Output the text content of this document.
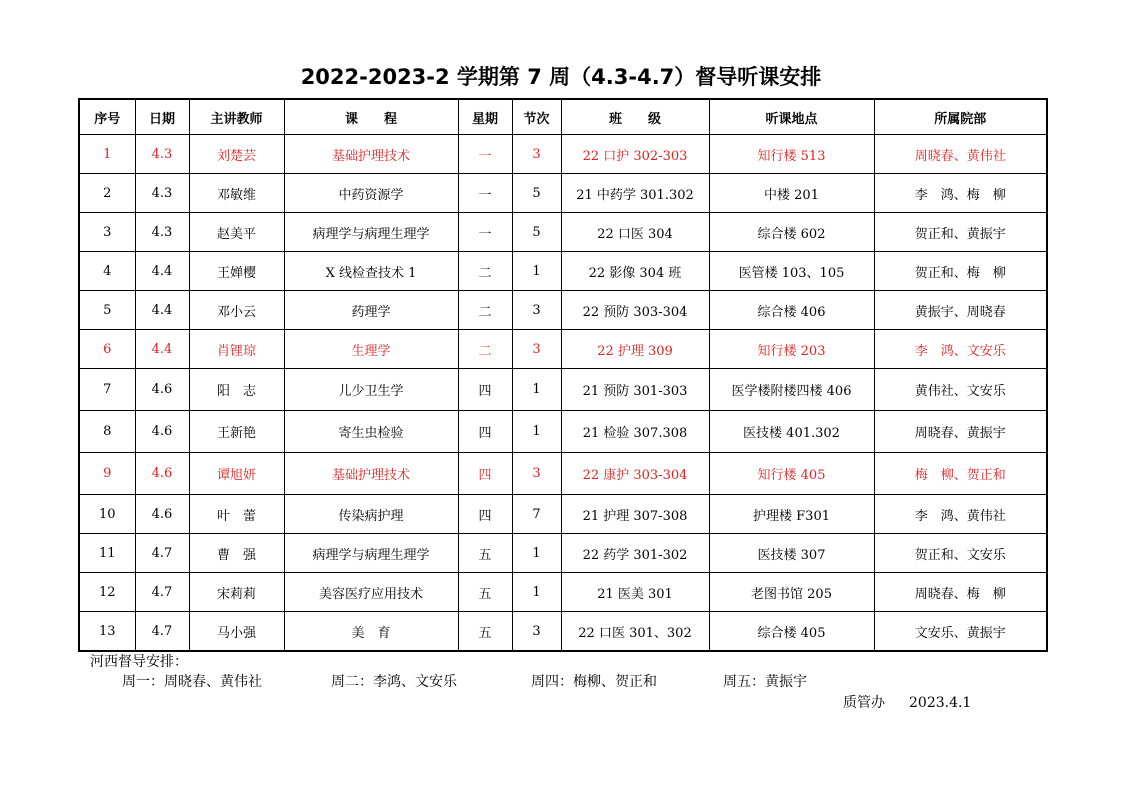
2022-2023-2 学期第 7 周（4.3-4.7）督导听课安排
序号	日期	主讲教师	课　　程	星期	节次	班　　级	听课地点	所属院部
1	4.3	刘楚芸	基础护理技术	一	3	22 口护 302-303	知行楼 513	周晓春、黄伟社
2	4.3	邓敏维	中药资源学	一	5	21 中药学 301.302	中楼 201	李　鸿、梅　柳
3	4.3	赵美平	病理学与病理生理学	一	5	22 口医 304	综合楼 602	贺正和、黄振宇
4	4.4	王婵樱	X 线检查技术 1	二	1	22 影像 304 班	医管楼 103、105	贺正和、梅　柳
5	4.4	邓小云	药理学	二	3	22 预防 303-304	综合楼 406	黄振宇、周晓春
6	4.4	肖锂琼	生理学	二	3	22 护理 309	知行楼 203	李　鸿、文安乐
7	4.6	阳　志	儿少卫生学	四	1	21 预防 301-303	医学楼附楼四楼 406	黄伟社、文安乐
8	4.6	王新艳	寄生虫检验	四	1	21 检验 307.308	医技楼 401.302	周晓春、黄振宇
9	4.6	谭旭妍	基础护理技术	四	3	22 康护 303-304	知行楼 405	梅　柳、贺正和
10	4.6	叶　蕾	传染病护理	四	7	21 护理 307-308	护理楼 F301	李　鸿、黄伟社
11	4.7	曹　强	病理学与病理生理学	五	1	22 药学 301-302	医技楼 307	贺正和、文安乐
12	4.7	宋莉莉	美容医疗应用技术	五	1	21 医美 301	老图书馆 205	周晓春、梅　柳
13	4.7	马小强	美　育	五	3	22 口医 301、302	综合楼 405	文安乐、黄振宇
河西督导安排：
周一：周晓春、黄伟社	周二：李鸿、文安乐	周四：梅柳、贺正和	周五：黄振宇
质管办 2023.4.1
